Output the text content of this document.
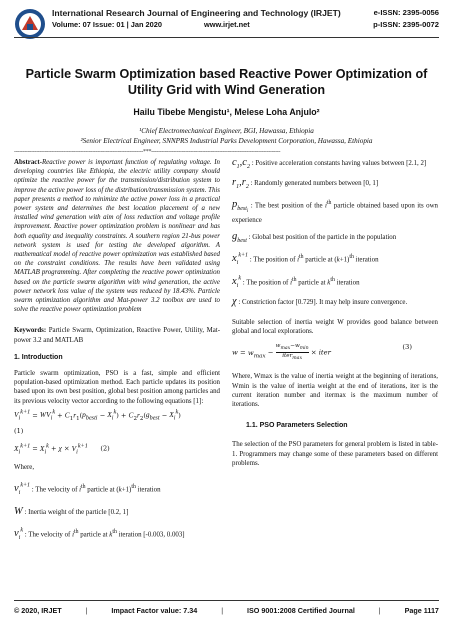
International Research Journal of Engineering and Technology (IRJET)	e-ISSN: 2395-0056
Volume: 07 Issue: 01 | Jan 2020	www.irjet.net	p-ISSN: 2395-0072
Particle Swarm Optimization based Reactive Power Optimization of Utility Grid with Wind Generation
Hailu Tibebe Mengistu¹, Melese Loha Anjulo²
¹Chief Electromechanical Engineer, BGI, Hawassa, Ethiopia
²Senior Electrical Engineer, SNNPRS Industrial Parks Development Corporation, Hawassa, Ethiopia
----------------------------------------------------------------------------***----------------------------------------------------------------------------

Abstract-Reactive power is important function of regulating voltage. In developing countries like Ethiopia, the electric utility company should optimize the reactive power for the transmission/distribution system to improve the active power loss of the distribution/transmission system. This paper presents a method to minimize the active power loss in a practical power system and determines the best location placement of a new installed wind generation with aim of loss reduction and voltage profile improvement. Reactive power optimization problem is nonlinear and has both equality and inequality constraints. A southern region 21-bus power network system is used for testing the developed algorithm. A mathematical model of reactive power optimization was established based on the constraint conditions. The results have been validated using MATLAB programming. After completing the reactive power optimization based on the particle swarm algorithm with wind generation, the active power network loss value of the system was reduced by 18.43%. Particle swarm optimization algorithm and Mat-power 3.2 toolbox are used to solve the reactive power optimization problem

Keywords: Particle Swarm, Optimization, Reactive Power, Utility, Mat-power 3.2 and MATLAB

1. Introduction

Particle swarm optimization, PSO is a fast, simple and efficient population-based optimization method. Each particle updates its position based upon its own best position, global best position among particles and its previous velocity vector according to the following equations [1]:

$V_i^{k+1} = WV_i^k + C_1r_1(p_{besti} - X_i^k) + C_2r_2(g_{best} - X_i^k)$
(1)
$X_i^{k+1} = X_i^k + \chi \times V_i^{k+1}$ (2)
Where,
$v_i^{k+1}$ : The velocity of $i^{th}$ particle at $(k+1)^{th}$ iteration
W : Inertia weight of the particle [0.2, 1]
$v_i^k$ : The velocity of $i^{th}$ particle at $k^{th}$ iteration [-0.003, 0.003]
$c_1,c_2$ : Positive acceleration constants having values between [2.1, 2]
$r_1,r_2$ : Randomly generated numbers between [0, 1]
$p_{best_i}$ : The best position of the $i^{th}$ particle obtained based upon its own experience
$g_{best}$ : Global best position of the particle in the population
$x_i^{k+1}$ : The position of $i^{th}$ particle at $(k+1)^{th}$ iteration
$x_i^k$ : The position of $i^{th}$ particle at $k^{th}$ iteration
χ : Constriction factor [0.729]. It may help insure convergence.

Suitable selection of inertia weight W provides good balance between global and local explorations.

$w = w_{max}$ −
$w_{max}-w_{min}$
iter$_{max}$
× iter
(3)

Where, Wmax is the value of inertia weight at the beginning of iterations, Wmin is the value of inertia weight at the end of iterations, iter is the current iteration number and itermax is the maximum number of iterations.

1.1. PSO Parameters Selection

The selection of the PSO parameters for general problem is listed in table-1. Programmers may change some of these parameters based on different problems.

© 2020, IRJET	|	Impact Factor value: 7.34	|	ISO 9001:2008 Certified Journal	|	Page 1117
